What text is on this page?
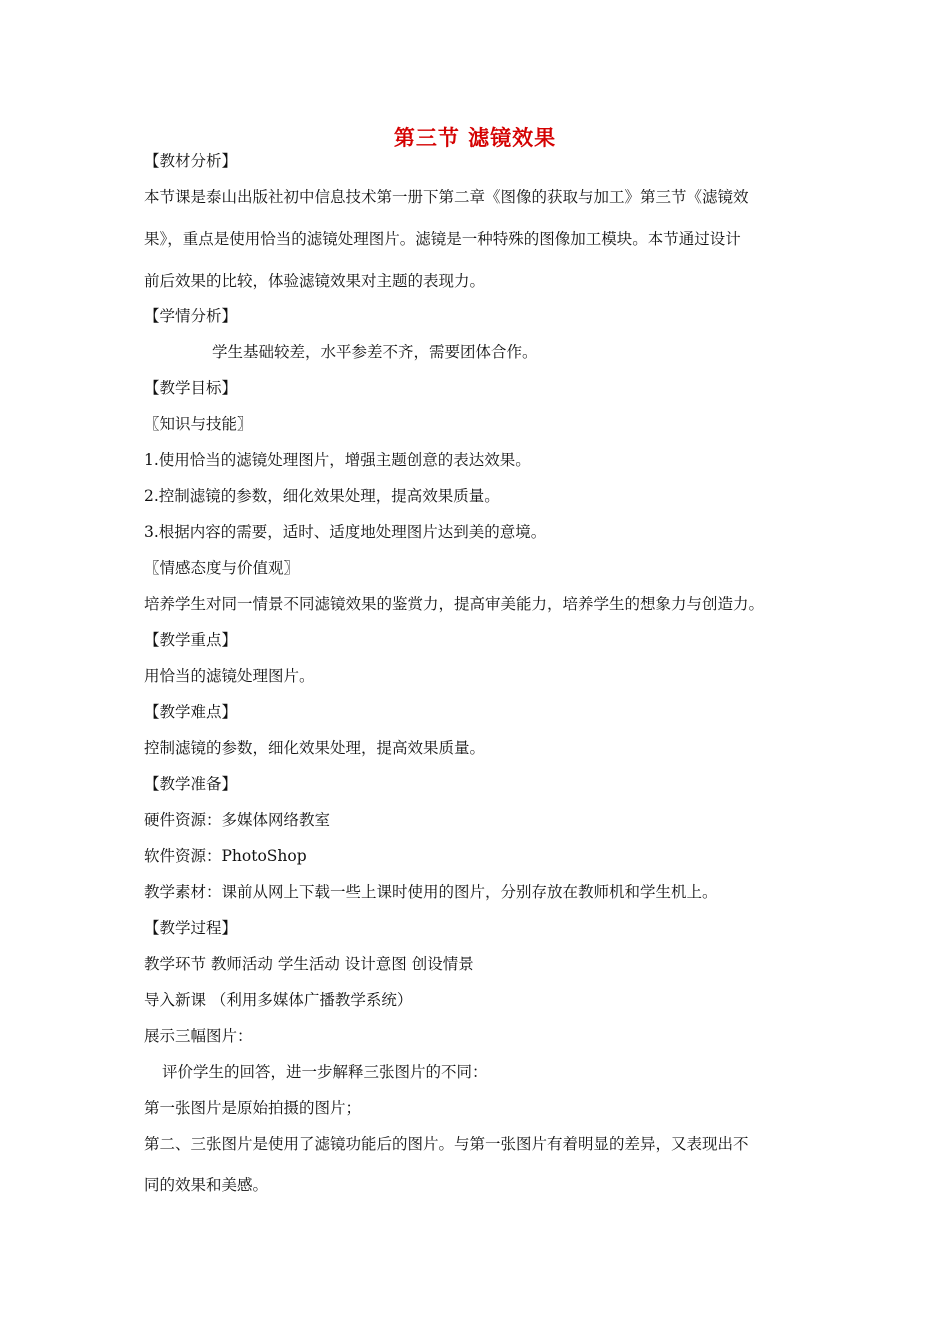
第三节 滤镜效果
【教材分析】
本节课是泰山出版社初中信息技术第一册下第二章《图像的获取与加工》第三节《滤镜效
果》，重点是使用恰当的滤镜处理图片。滤镜是一种特殊的图像加工模块。本节通过设计
前后效果的比较，体验滤镜效果对主题的表现力。
【学情分析】
学生基础较差，水平参差不齐，需要团体合作。
【教学目标】
〖知识与技能〗
1.使用恰当的滤镜处理图片，增强主题创意的表达效果。
2.控制滤镜的参数，细化效果处理，提高效果质量。
3.根据内容的需要，适时、适度地处理图片达到美的意境。
〖情感态度与价值观〗
培养学生对同一情景不同滤镜效果的鉴赏力，提高审美能力，培养学生的想象力与创造力。
【教学重点】
用恰当的滤镜处理图片。
【教学难点】
控制滤镜的参数，细化效果处理，提高效果质量。
【教学准备】
硬件资源：多媒体网络教室
软件资源：PhotoShop
教学素材：课前从网上下载一些上课时使用的图片，分别存放在教师机和学生机上。
【教学过程】
教学环节 教师活动 学生活动 设计意图 创设情景
导入新课 （利用多媒体广播教学系统）
展示三幅图片：
评价学生的回答，进一步解释三张图片的不同：
第一张图片是原始拍摄的图片；
第二、三张图片是使用了滤镜功能后的图片。与第一张图片有着明显的差异，又表现出不
同的效果和美感。
